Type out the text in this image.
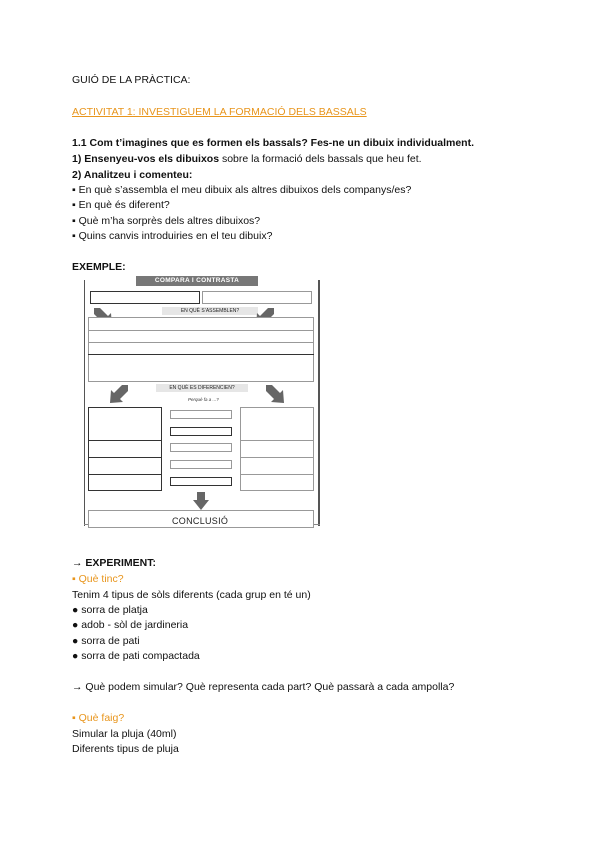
GUIÓ DE LA PRÀCTICA:
ACTIVITAT 1: INVESTIGUEM LA FORMACIÓ DELS BASSALS
1.1 Com t’imagines que es formen els bassals? Fes-ne un dibuix individualment.
1) Ensenyeu-vos els dibuixos sobre la formació dels bassals que heu fet.
2) Analitzeu i comenteu:
▪ En què s’assembla el meu dibuix als altres dibuixos dels companys/es?
▪ En què és diferent?
▪ Què m’ha sorprès dels altres dibuixos?
▪ Quins canvis introduiries en el teu dibuix?
EXEMPLE:
COMPARA I CONTRASTA
EN QUÈ S’ASSEMBLEN?
EN QUÈ ES DIFERENCIEN?
Perquè fa a ...?
CONCLUSIÓ
→ EXPERIMENT:
▪ Què tinc?
Tenim 4 tipus de sòls diferents (cada grup en té un)
● sorra de platja
● adob - sòl de jardineria
● sorra de pati
● sorra de pati compactada
→ Què podem simular? Què representa cada part? Què passarà a cada ampolla?
▪ Què faig?
Simular la pluja (40ml)
Diferents tipus de pluja
